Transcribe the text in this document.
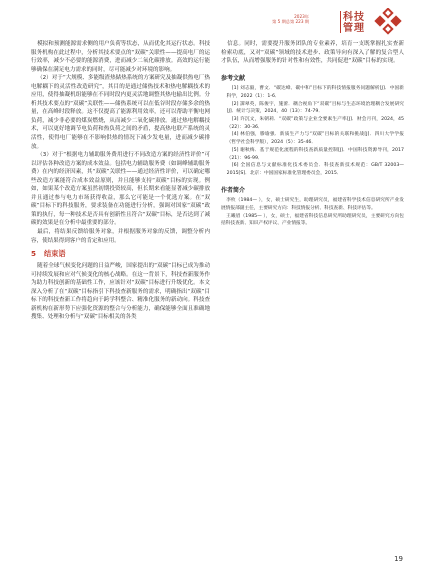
2023年
第 5 期总第 223 期	科技管理

模拟和预测能源需求侧的用户负荷等状态，从而优化其运行状态。科技服务机构在此过程中，分析其技术要点的“双碳”关联性——提高电厂的运行效率，减少不必要的能源消费，进而减少二氧化碳排放。高效的运行能够确保在满足电力需求的同时，尽可能减少对环境的影响。

（2）对于“大规模、多能级渣热储热系统的方案研究及抽凝供热电厂热电解耦下的灵活性改造研究”，其目的是通过储热技术和热电解耦技术的应用，使得抽凝机组能够在不同时段内更灵活地调整其热电输出比例。分析其技术要点的“双碳”关联性——储热系统可以在低谷时段存储多余的热量，在高峰时段释放。这不仅提高了能源利用效率，还可以帮助平衡电网负荷，减少非必要的煤炭燃烧，从而减少二氧化碳排放。通过热电解耦技术，可以更好地调节电负荷和热负荷之间的矛盾，提高热电联产系统的灵活性，使得电厂能够在不影响供热的情况下减少发电量，进而减少碳排放。

（3）对于“根据电力辅助服务费用进行不同改造方案的经济性评价”可以评估各种改造方案的成本效益。包括电力辅助服务费（如调峰辅助服务费）在内的经济因素，其“双碳”关联性——通过经济性评价，可以确定哪些改造方案能符合成本效益原则，并且能够支持“双碳”目标的实现。例如，如果某个改造方案虽然初期投资较高，但长期来看能显著减少碳排放并且通过参与电力市场获得收益，那么它可能是一个优选方案。在“双碳”目标下的科技服务，要求装备在功能进行分析，强调对国家“双碳”政策的执行，每一种技术是否具有创新性且符合“双碳”目标，是否达到了减碳的效果是在分析中最重要的部分。

最后，将结果反馈给服务对象，并根据服务对象的反馈，调整分析内容，使结果得到客户的肯定和应用。

5 结束语

随着全球气候变化问题的日益严峻，国家提出的“双碳”目标已成为推动可持续发展和应对气候变化的核心战略。在这一背景下，科技查新服务作为助力科技创新的基础性工作，应该针对“双碳”目标进行升级优化。本文深入分析了在“双碳”目标指引下科技查新服务的需求，明确指出“双碳”目标下的科技查新工作将趋向于跨学科整合、精准化服务的新动向。科技查新机构在新形势下应强化资源的整合与分析能力，确保能够全面且准确地搜集、处理和分析与“双碳”目标相关的各类

信息。同时，需要提升服务团队的专业素养，培育一支既掌握扎实查新检索功底，又对“双碳”领域的技术进步、政策导向有深入了解的复合型人才队伍，从而增强服务的针对性和有效性，共同促进“双碳”目标的实现。

参考文献

[1] 刘志毅，曹文．“碳达峰、碳中和”目标下的科技情报服务问题解析[J]．中国新科学，2022（1）：1-6．

[2] 譚翠英，陈俊宇，施蕾．耦合视角下“双碳”目标与生态环境治理耦合发展研究[J]．统计与决策，2024，40（13）：74-79．

[3] 许沉文，朱朝莉．“双碳”政策与企业全要素生产率[J]．财会月刊，2024，45（22）：30-36．

[4] 林伯强，滕瑜强．新质生产力与“双碳”目标的关联和挑战[J]．四川大学学报（哲学社会科学版），2024（5）：35-46．

[5] 谢秋梅．基于规范化流程的科技查新质量控制[J]．中国科技资源导刊，2017（21）：96-99．

[6] 全国信息与文献标准化技术委员会．科技查新技术规范：GB/T 32003—2015[S]．北京：中国国家标准化管理委员会，2015．

作者简介

李枚（1984— ），女，硕士研究生，助理研究员，福建省科学技术信息研究所产业发展情报部副主任，主要研究方向：科技情报分析、科技查新、科技评估等。

王曦眉（1985— ），女，硕士，福建省科技信息研究所助理研究员，主要研究方向包括科技查新、知识产权评议、产业情报等。

19
